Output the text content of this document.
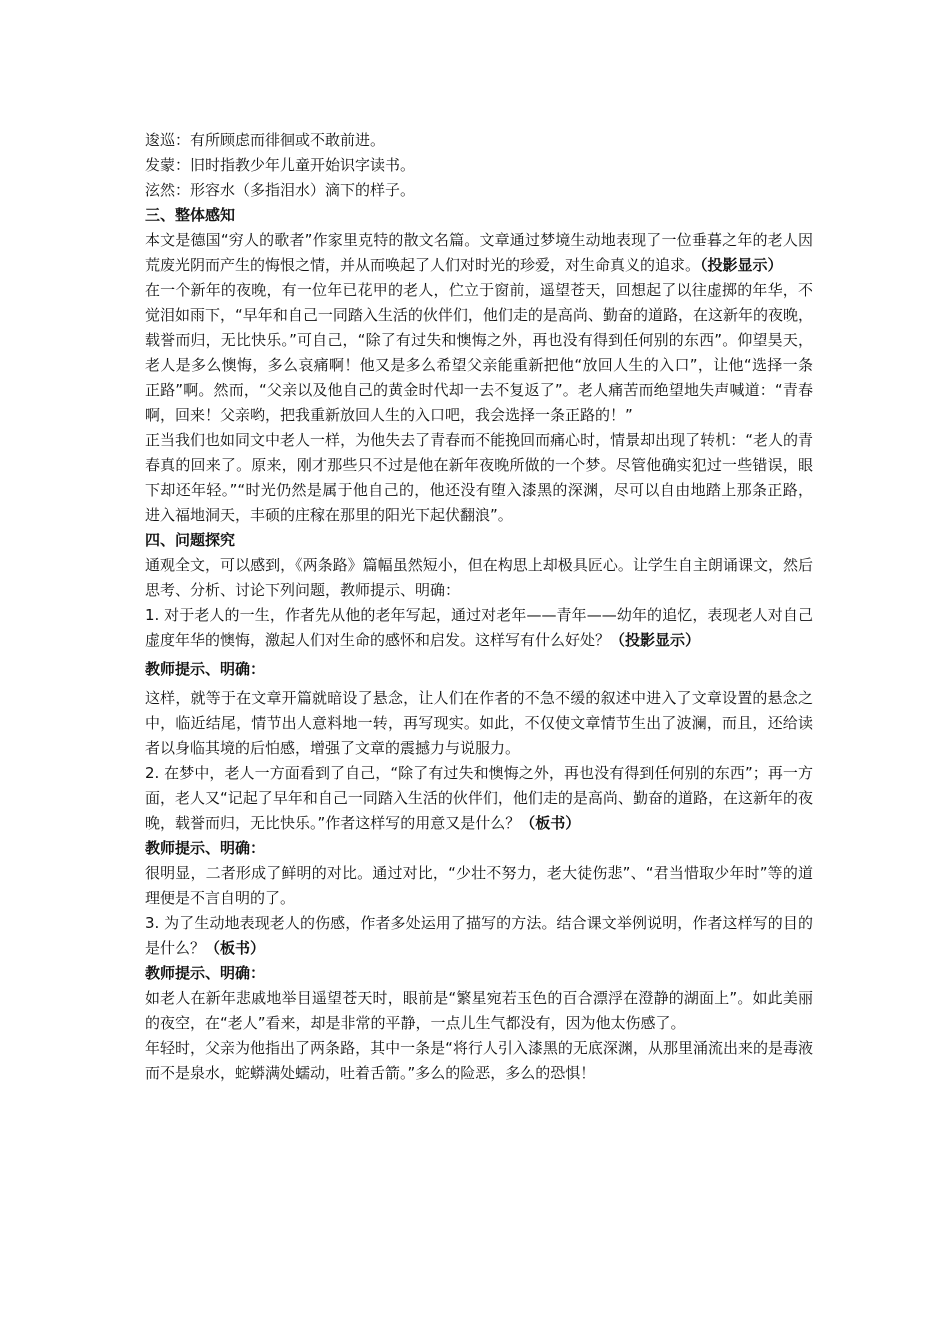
逡巡：有所顾虑而徘徊或不敢前进。

发蒙：旧时指教少年儿童开始识字读书。

泫然：形容水（多指泪水）滴下的样子。

三、整体感知

本文是德国“穷人的歌者”作家里克特的散文名篇。文章通过梦境生动地表现了一位垂暮之年的老人因荒废光阴而产生的悔恨之情，并从而唤起了人们对时光的珍爱，对生命真义的追求。（投影显示）

在一个新年的夜晚，有一位年已花甲的老人，伫立于窗前，遥望苍天，回想起了以往虚掷的年华，不觉泪如雨下，“早年和自己一同踏入生活的伙伴们，他们走的是高尚、勤奋的道路，在这新年的夜晚，载誉而归，无比快乐。”可自己，“除了有过失和懊悔之外，再也没有得到任何别的东西”。仰望昊天，老人是多么懊悔，多么哀痛啊！他又是多么希望父亲能重新把他“放回人生的入口”，让他“选择一条正路”啊。然而，“父亲以及他自己的黄金时代却一去不复返了”。老人痛苦而绝望地失声喊道：“青春啊，回来！父亲哟，把我重新放回人生的入口吧，我会选择一条正路的！”

正当我们也如同文中老人一样，为他失去了青春而不能挽回而痛心时，情景却出现了转机：“老人的青春真的回来了。原来，刚才那些只不过是他在新年夜晚所做的一个梦。尽管他确实犯过一些错误，眼下却还年轻。”“时光仍然是属于他自己的，他还没有堕入漆黑的深渊，尽可以自由地踏上那条正路，进入福地洞天，丰硕的庄稼在那里的阳光下起伏翻浪”。

四、问题探究

通观全文，可以感到，《两条路》篇幅虽然短小，但在构思上却极具匠心。让学生自主朗诵课文，然后思考、分析、讨论下列问题，教师提示、明确：

1. 对于老人的一生，作者先从他的老年写起，通过对老年——青年——幼年的追忆，表现老人对自己虚度年华的懊悔，激起人们对生命的感怀和启发。这样写有什么好处？（投影显示）

教师提示、明确：

这样，就等于在文章开篇就暗设了悬念，让人们在作者的不急不缓的叙述中进入了文章设置的悬念之中，临近结尾，情节出人意料地一转，再写现实。如此，不仅使文章情节生出了波澜，而且，还给读者以身临其境的后怕感，增强了文章的震撼力与说服力。

2. 在梦中，老人一方面看到了自己，“除了有过失和懊悔之外，再也没有得到任何别的东西”；再一方面，老人又“记起了早年和自己一同踏入生活的伙伴们，他们走的是高尚、勤奋的道路，在这新年的夜晚，载誉而归，无比快乐。”作者这样写的用意又是什么？（板书）

教师提示、明确：

很明显，二者形成了鲜明的对比。通过对比，“少壮不努力，老大徒伤悲”、“君当惜取少年时”等的道理便是不言自明的了。

3. 为了生动地表现老人的伤感，作者多处运用了描写的方法。结合课文举例说明，作者这样写的目的是什么？（板书）

教师提示、明确：

如老人在新年悲戚地举目遥望苍天时，眼前是“繁星宛若玉色的百合漂浮在澄静的湖面上”。如此美丽的夜空，在“老人”看来，却是非常的平静，一点儿生气都没有，因为他太伤感了。

年轻时，父亲为他指出了两条路，其中一条是“将行人引入漆黑的无底深渊，从那里涌流出来的是毒液而不是泉水，蛇蟒满处蠕动，吐着舌箭。”多么的险恶，多么的恐惧！
